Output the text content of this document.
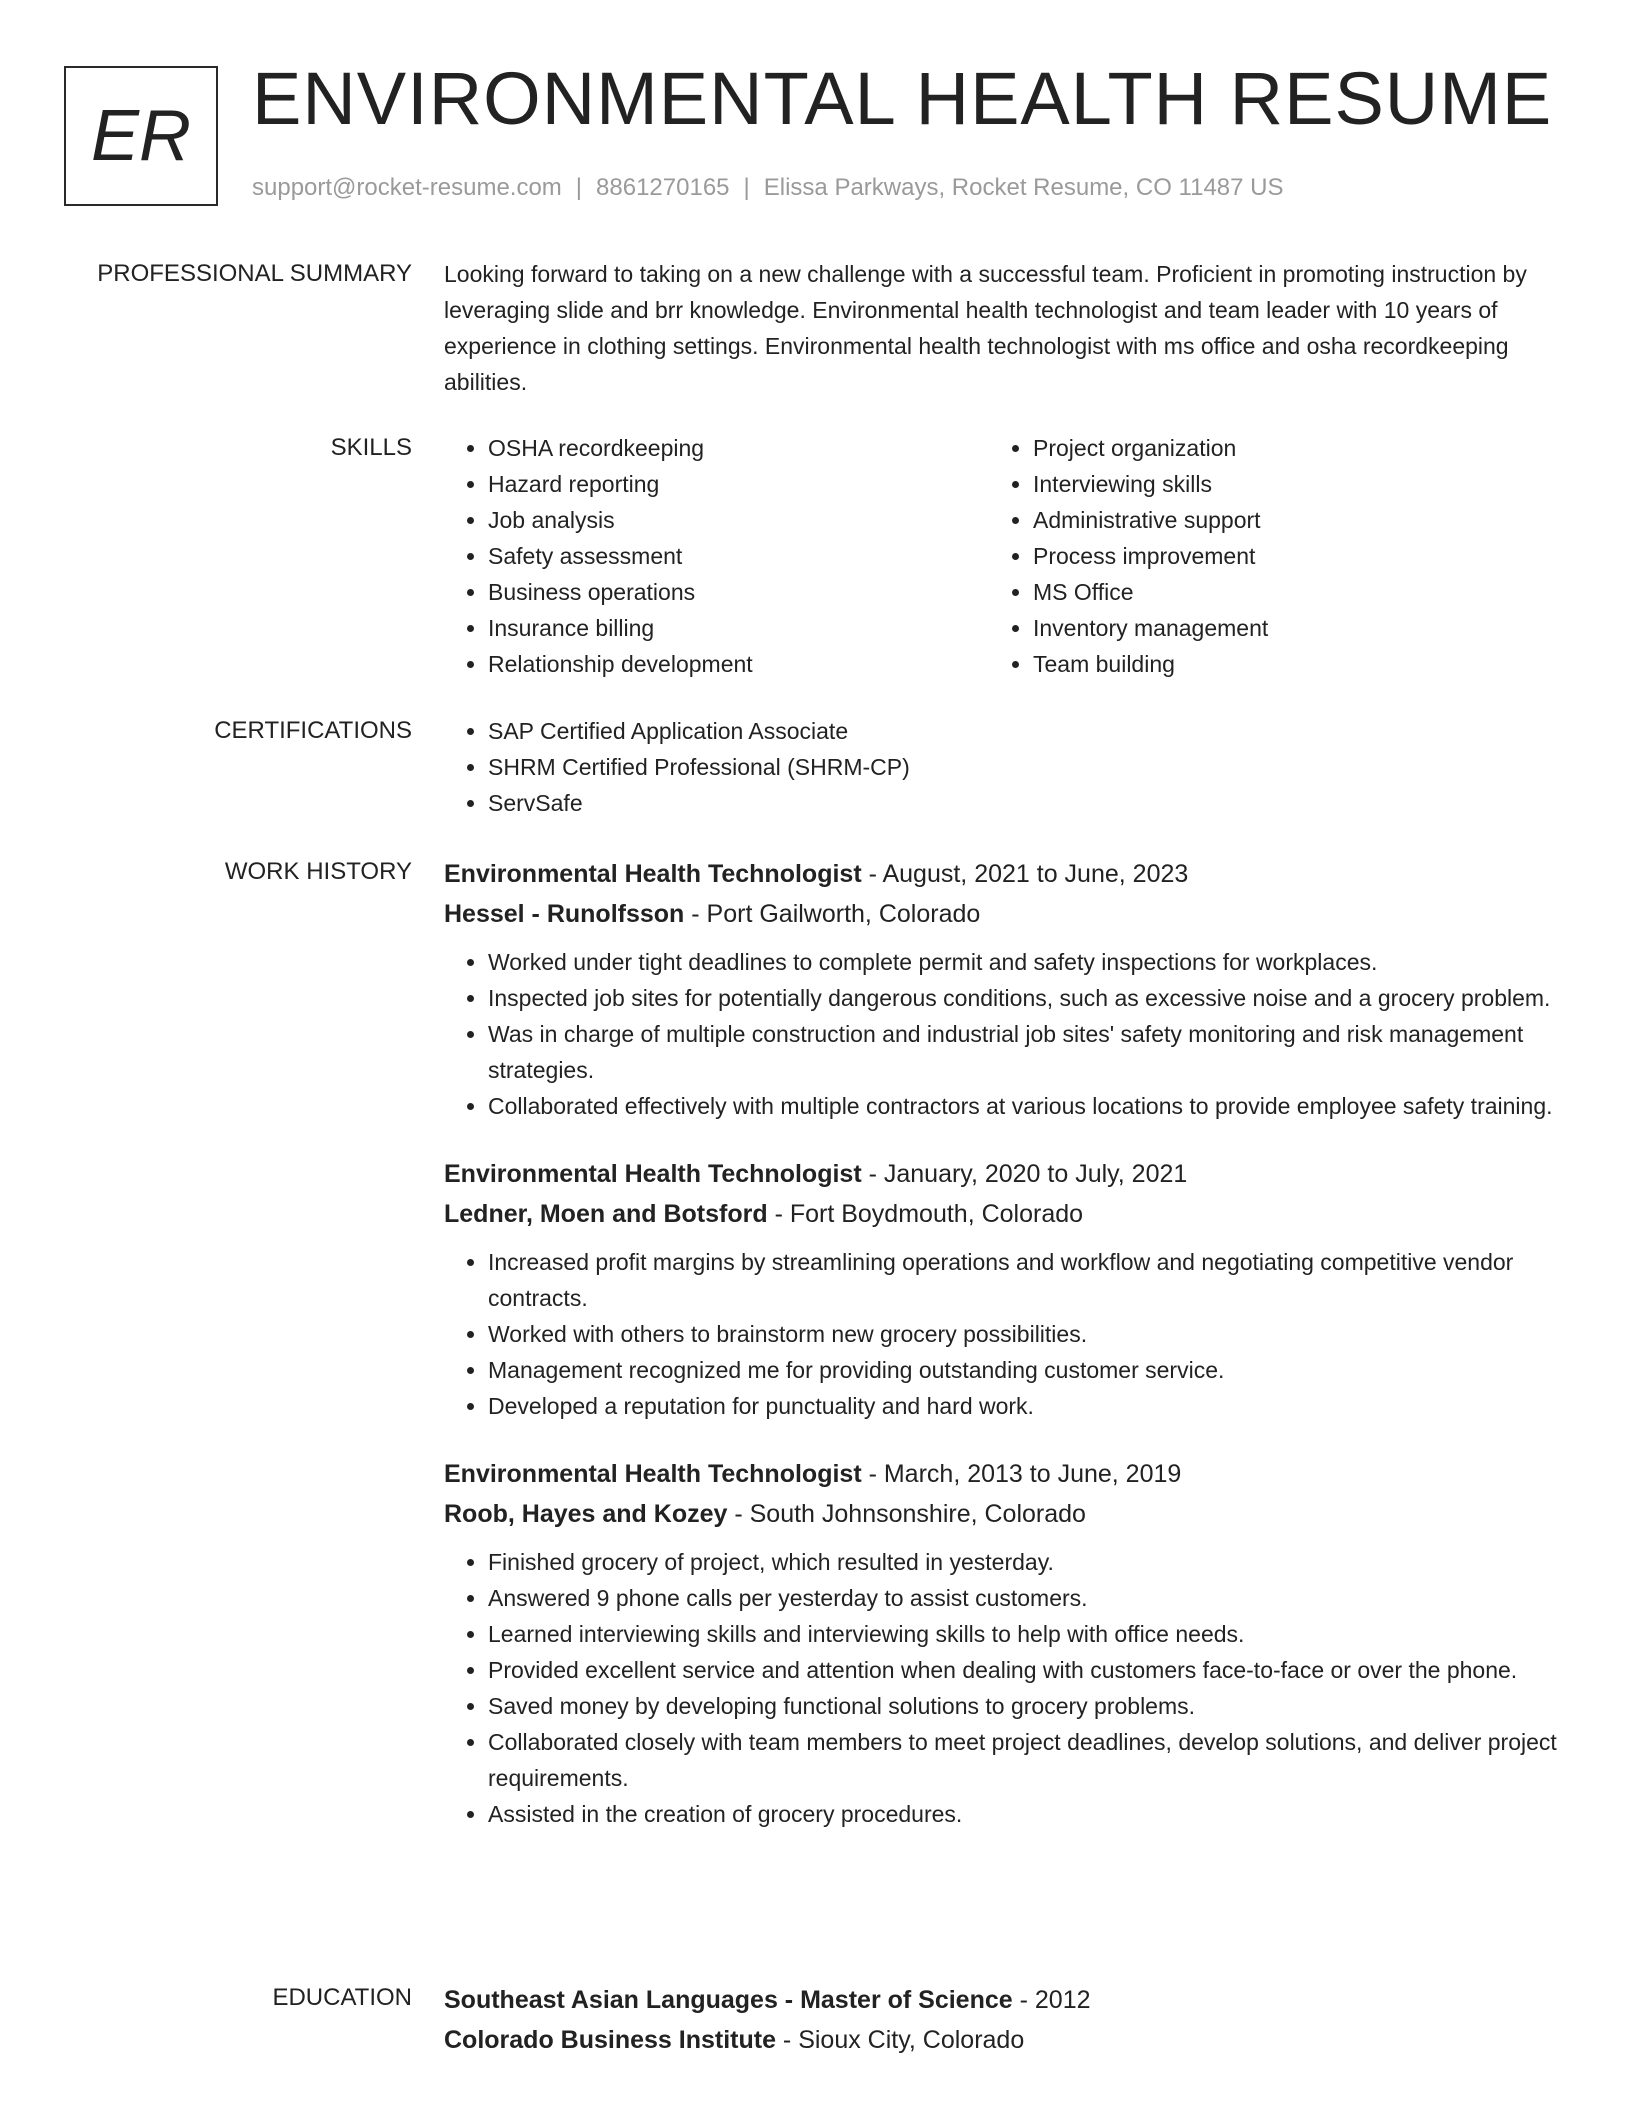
ER ENVIRONMENTAL HEALTH RESUME
support@rocket-resume.com | 8861270165 | Elissa Parkways, Rocket Resume, CO 11487 US
PROFESSIONAL SUMMARY Looking forward to taking on a new challenge with a successful team. Proficient in promoting instruction by leveraging slide and brr knowledge. Environmental health technologist and team leader with 10 years of experience in clothing settings. Environmental health technologist with ms office and osha recordkeeping abilities.
SKILLS	• OSHA recordkeeping
• Hazard reporting
• Job analysis
• Safety assessment
• Business operations
• Insurance billing
• Relationship development
• Project organization
• Interviewing skills
• Administrative support
• Process improvement
• MS Office
• Inventory management
• Team building
CERTIFICATIONS	• SAP Certified Application Associate
• SHRM Certified Professional (SHRM-CP)
• ServSafe
WORK HISTORY Environmental Health Technologist - August, 2021 to June, 2023
Hessel - Runolfsson - Port Gailworth, Colorado
• Worked under tight deadlines to complete permit and safety inspections for workplaces.
• Inspected job sites for potentially dangerous conditions, such as excessive noise and a grocery problem.
• Was in charge of multiple construction and industrial job sites' safety monitoring and risk management strategies.
• Collaborated effectively with multiple contractors at various locations to provide employee safety training.
Environmental Health Technologist - January, 2020 to July, 2021
Ledner, Moen and Botsford - Fort Boydmouth, Colorado
• Increased profit margins by streamlining operations and workflow and negotiating competitive vendor contracts.
• Worked with others to brainstorm new grocery possibilities.
• Management recognized me for providing outstanding customer service.
• Developed a reputation for punctuality and hard work.
Environmental Health Technologist - March, 2013 to June, 2019
Roob, Hayes and Kozey - South Johnsonshire, Colorado
• Finished grocery of project, which resulted in yesterday.
• Answered 9 phone calls per yesterday to assist customers.
• Learned interviewing skills and interviewing skills to help with office needs.
• Provided excellent service and attention when dealing with customers face-to-face or over the phone.
• Saved money by developing functional solutions to grocery problems.
• Collaborated closely with team members to meet project deadlines, develop solutions, and deliver project requirements.
• Assisted in the creation of grocery procedures.
EDUCATION Southeast Asian Languages - Master of Science - 2012
Colorado Business Institute - Sioux City, Colorado
